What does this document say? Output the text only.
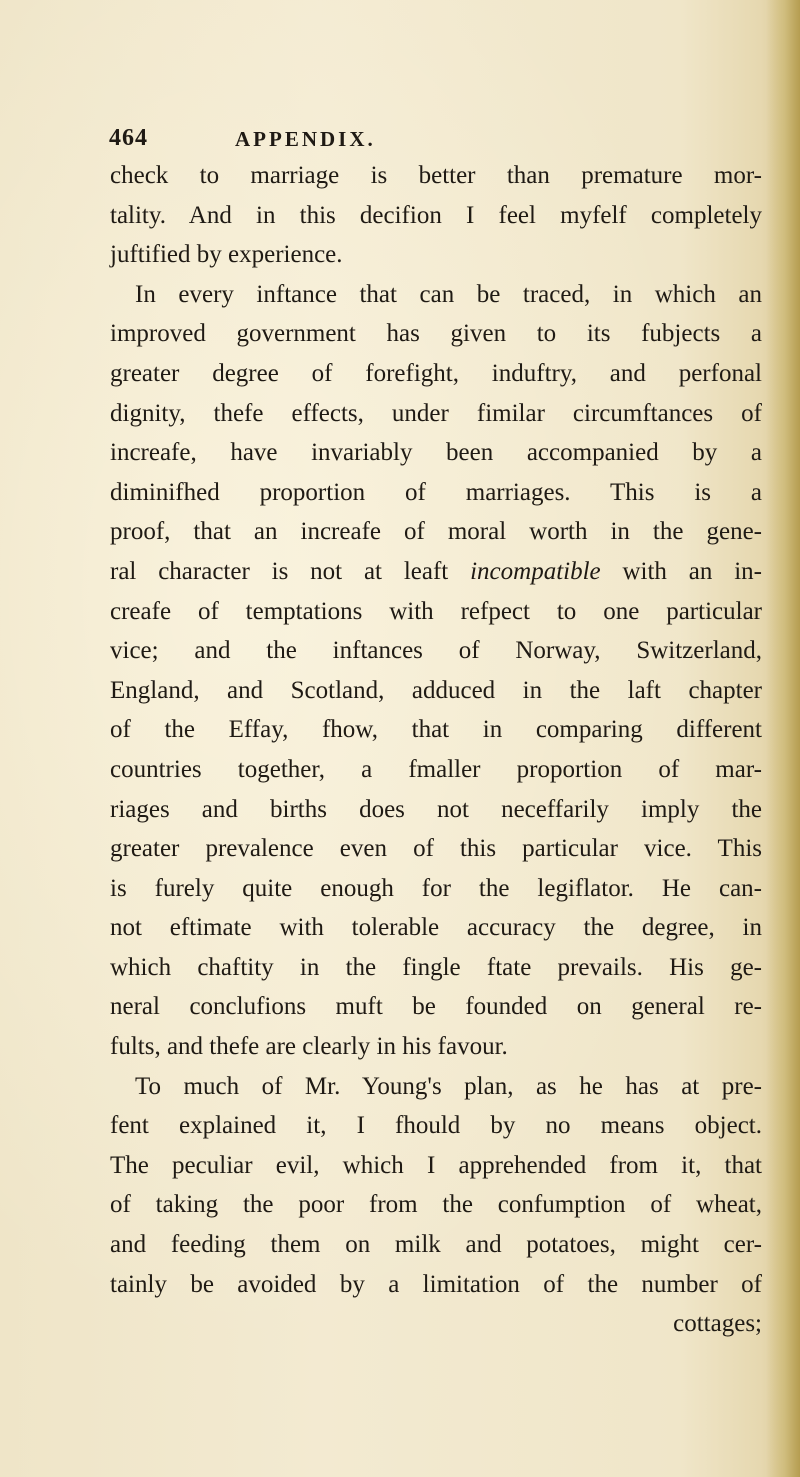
464	APPENDIX.
check to marriage is better than premature mor-
tality. And in this decifion I feel myfelf completely
juftified by experience.
In every inftance that can be traced, in which an
improved government has given to its fubjects a
greater degree of forefight, induftry, and perfonal
dignity, thefe effects, under fimilar circumftances of
increafe, have invariably been accompanied by a
diminifhed proportion of marriages. This is a
proof, that an increafe of moral worth in the gene-
ral character is not at leaft incompatible with an in-
creafe of temptations with refpect to one particular
vice; and the inftances of Norway, Switzerland,
England, and Scotland, adduced in the laft chapter
of the Effay, fhow, that in comparing different
countries together, a fmaller proportion of mar-
riages and births does not neceffarily imply the
greater prevalence even of this particular vice. This
is furely quite enough for the legiflator. He can-
not eftimate with tolerable accuracy the degree, in
which chaftity in the fingle ftate prevails. His ge-
neral conclufions muft be founded on general re-
fults, and thefe are clearly in his favour.
To much of Mr. Young's plan, as he has at pre-
fent explained it, I fhould by no means object.
The peculiar evil, which I apprehended from it, that
of taking the poor from the confumption of wheat,
and feeding them on milk and potatoes, might cer-
tainly be avoided by a limitation of the number of
cottages;
